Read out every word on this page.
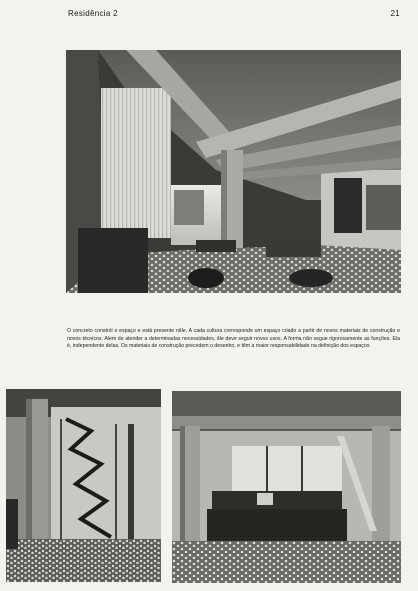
Residência 2	21

O concreto constrói o espaço e está presente nêle. A cada cultura corresponde um espaço criado a partir de novos materiais de construção e novos técnicos. Alem de atender a determinadas necessidades, êle deve seguir novos usos. A forma não segue rigorosamente as funções. Ela é, independente delas. Os materiais de construção precedem o desenho, e têm a maior responsabilidade na definição dos espaços
